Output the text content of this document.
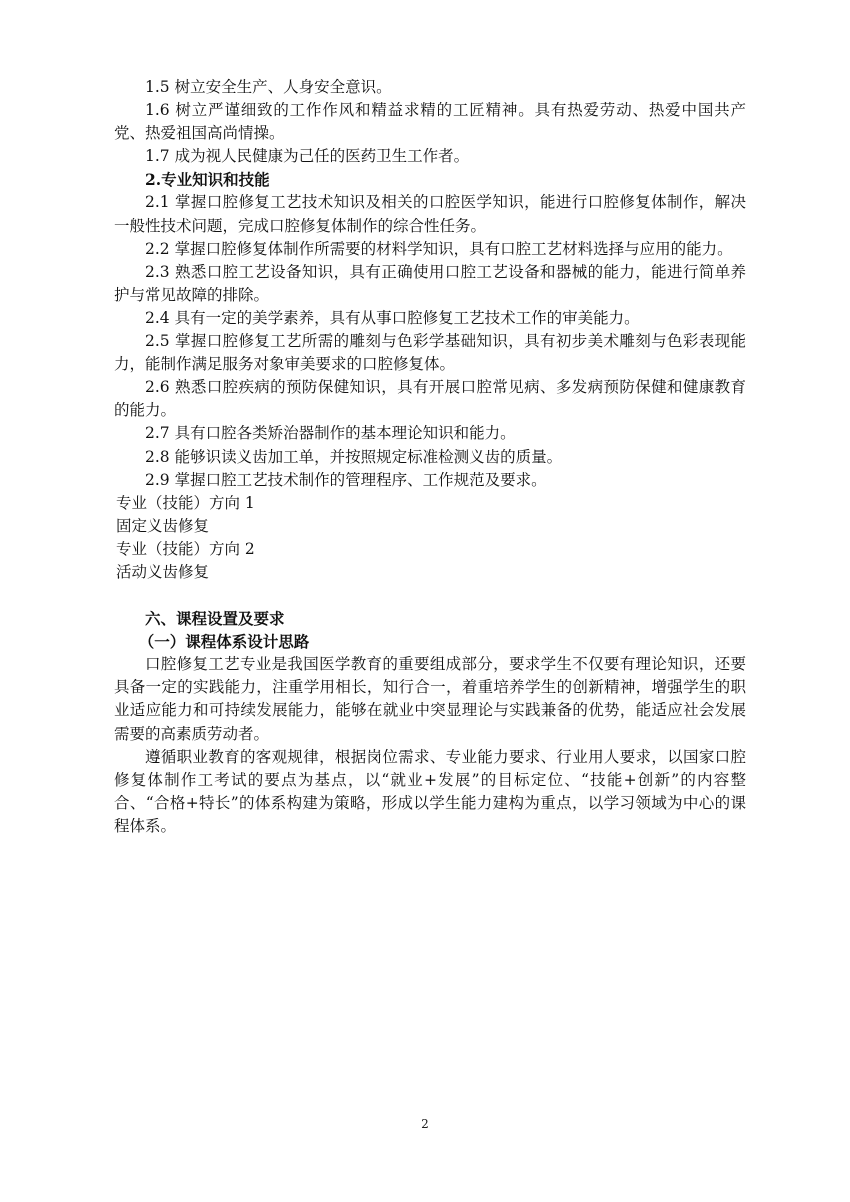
1.5 树立安全生产、人身安全意识。

1.6 树立严谨细致的工作作风和精益求精的工匠精神。具有热爱劳动、热爱中国共产党、热爱祖国高尚情操。

1.7 成为视人民健康为己任的医药卫生工作者。

2.专业知识和技能

2.1 掌握口腔修复工艺技术知识及相关的口腔医学知识，能进行口腔修复体制作，解决一般性技术问题，完成口腔修复体制作的综合性任务。

2.2 掌握口腔修复体制作所需要的材料学知识，具有口腔工艺材料选择与应用的能力。

2.3 熟悉口腔工艺设备知识，具有正确使用口腔工艺设备和器械的能力，能进行简单养护与常见故障的排除。

2.4 具有一定的美学素养，具有从事口腔修复工艺技术工作的审美能力。

2.5 掌握口腔修复工艺所需的雕刻与色彩学基础知识，具有初步美术雕刻与色彩表现能力，能制作满足服务对象审美要求的口腔修复体。

2.6 熟悉口腔疾病的预防保健知识，具有开展口腔常见病、多发病预防保健和健康教育的能力。

2.7 具有口腔各类矫治器制作的基本理论知识和能力。

2.8 能够识读义齿加工单，并按照规定标准检测义齿的质量。

2.9 掌握口腔工艺技术制作的管理程序、工作规范及要求。

专业（技能）方向 1

固定义齿修复

专业（技能）方向 2

活动义齿修复

六、课程设置及要求

（一）课程体系设计思路

口腔修复工艺专业是我国医学教育的重要组成部分，要求学生不仅要有理论知识，还要具备一定的实践能力，注重学用相长，知行合一，着重培养学生的创新精神，增强学生的职业适应能力和可持续发展能力，能够在就业中突显理论与实践兼备的优势，能适应社会发展需要的高素质劳动者。

遵循职业教育的客观规律，根据岗位需求、专业能力要求、行业用人要求，以国家口腔修复体制作工考试的要点为基点，以“就业+发展”的目标定位、“技能+创新”的内容整合、“合格+特长”的体系构建为策略，形成以学生能力建构为重点，以学习领域为中心的课程体系。

2
